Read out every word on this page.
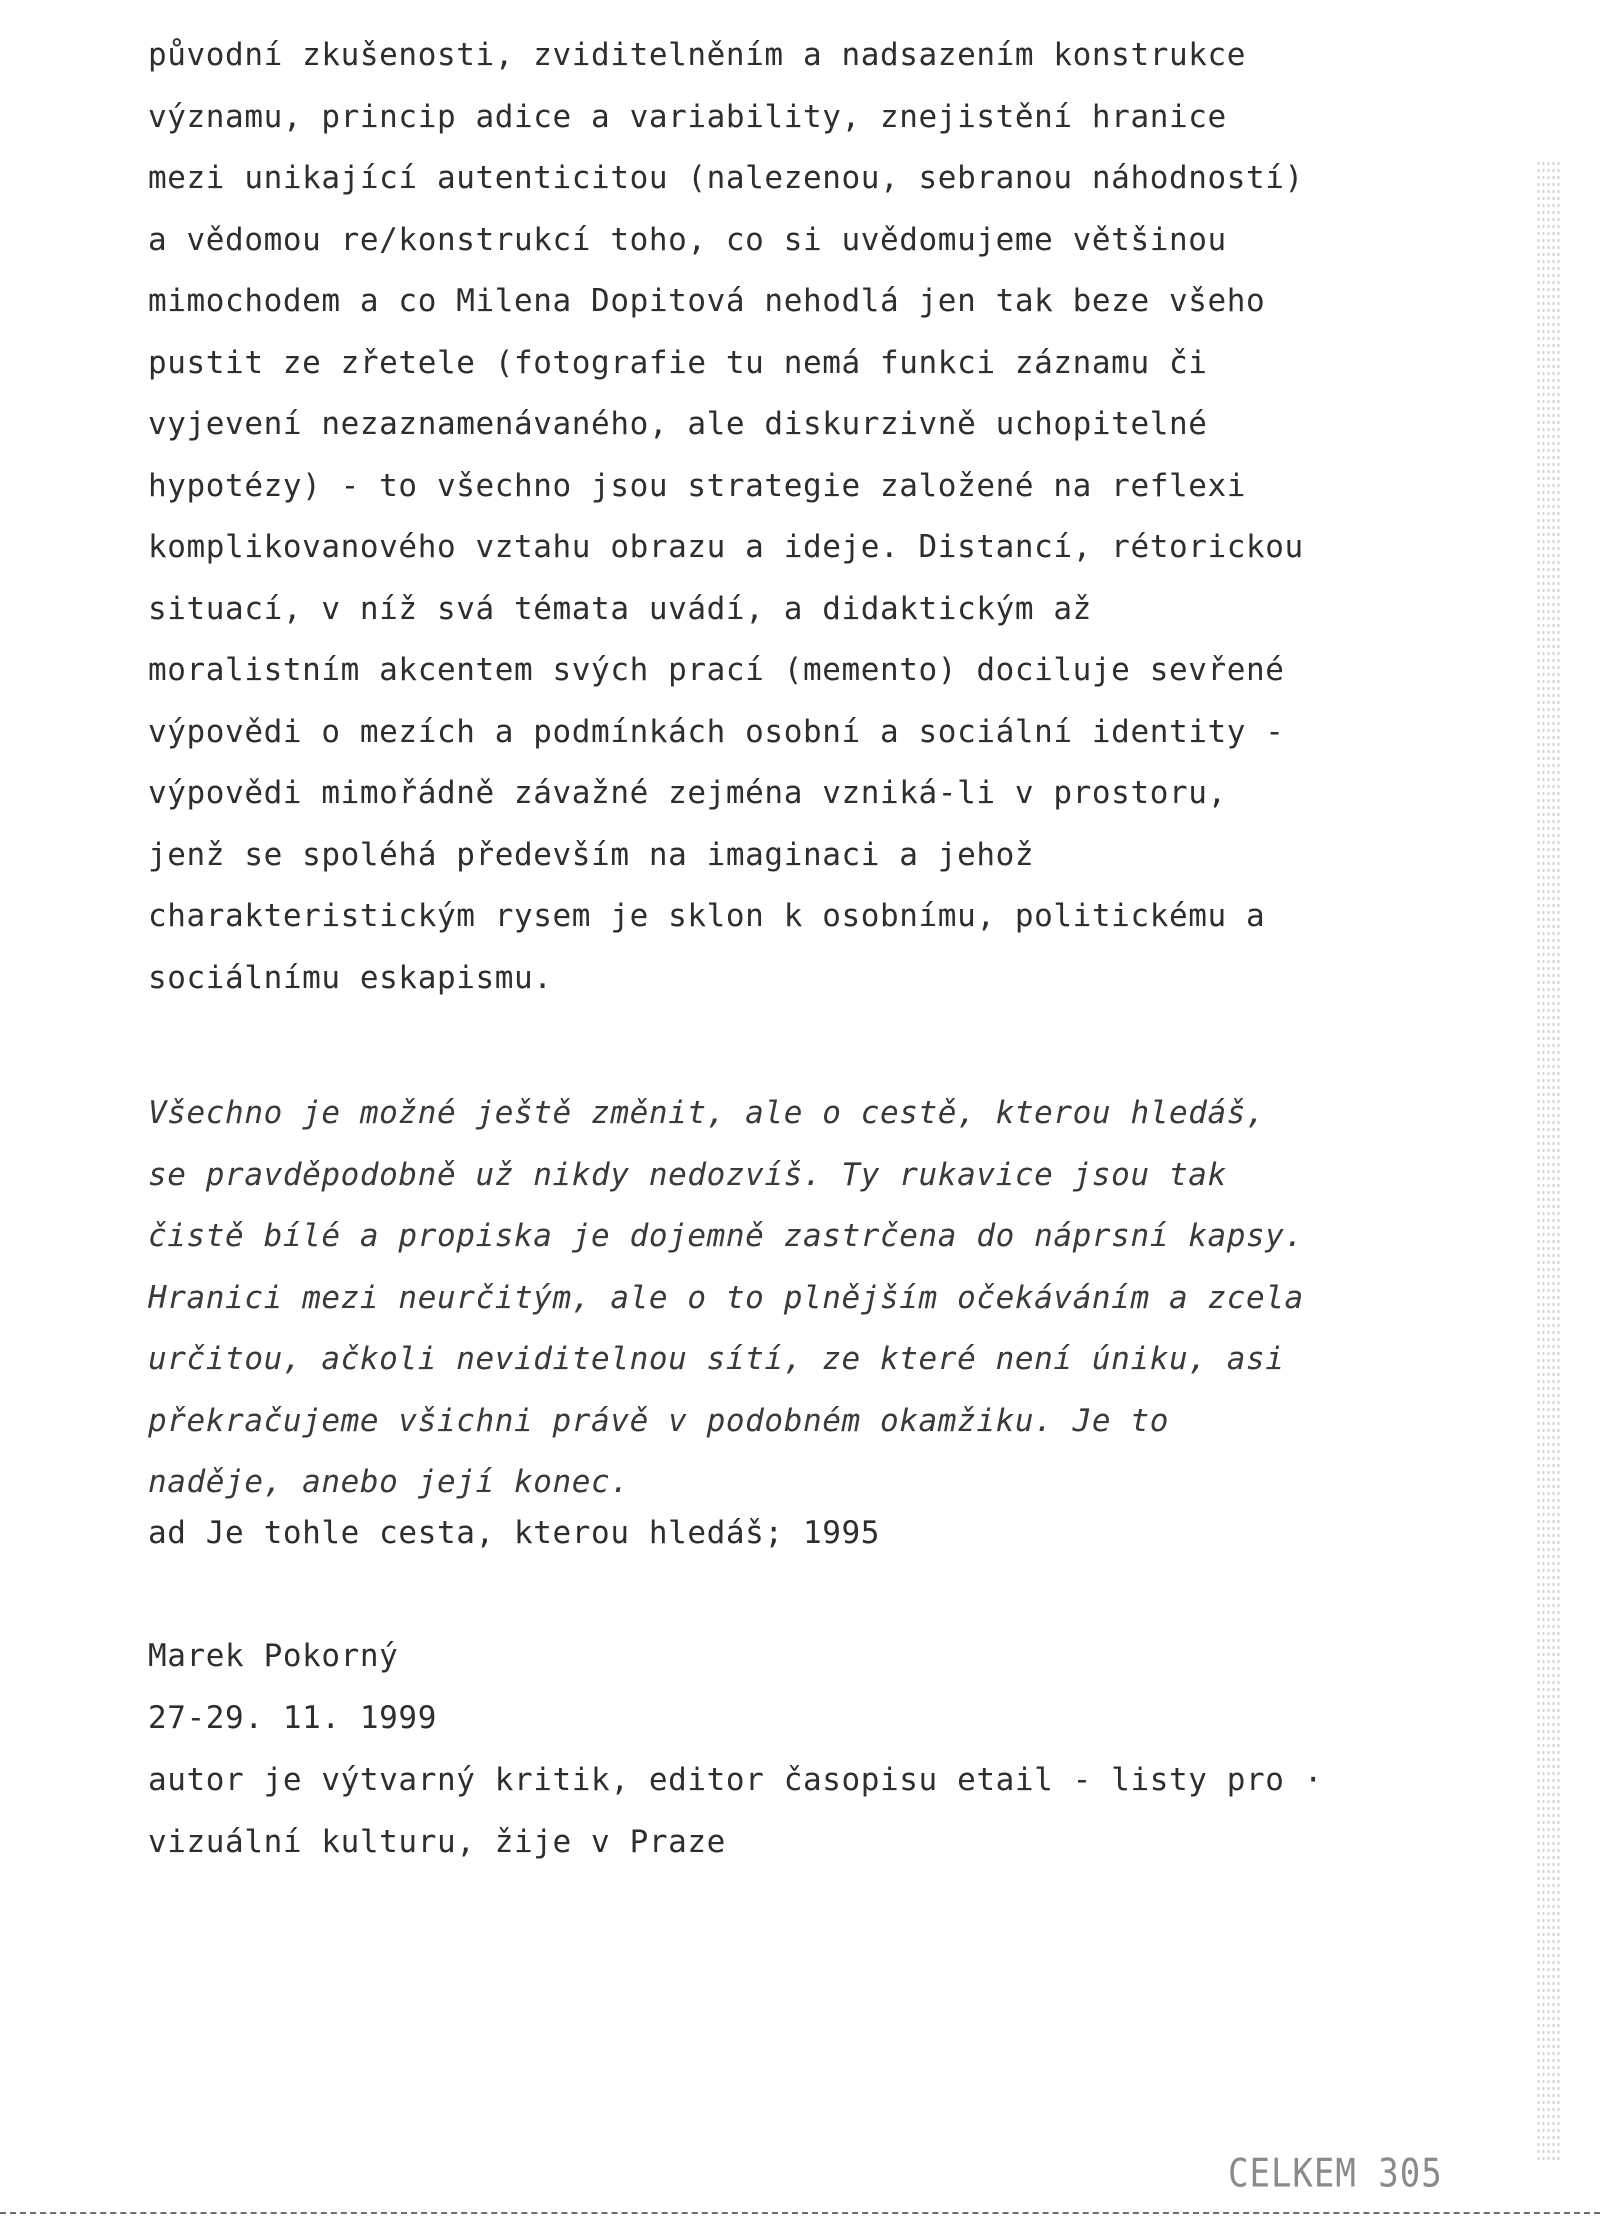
původní zkušenosti, zviditelněním a nadsazením konstrukce
významu, princip adice a variability, znejistění hranice
mezi unikající autenticitou (nalezenou, sebranou náhodností)
a vědomou re/konstrukcí toho, co si uvědomujeme většinou
mimochodem a co Milena Dopitová nehodlá jen tak beze všeho
pustit ze zřetele (fotografie tu nemá funkci záznamu či
vyjevení nezaznamenávaného, ale diskurzivně uchopitelné
hypotézy) - to všechno jsou strategie založené na reflexi
komplikovanového vztahu obrazu a ideje. Distancí, rétorickou
situací, v níž svá témata uvádí, a didaktickým až
moralistním akcentem svých prací (memento) dociluje sevřené
výpovědi o mezích a podmínkách osobní a sociální identity -
výpovědi mimořádně závažné zejména vzniká-li v prostoru,
jenž se spoléhá především na imaginaci a jehož
charakteristickým rysem je sklon k osobnímu, politickému a
sociálnímu eskapismu.
Všechno je možné ještě změnit, ale o cestě, kterou hledáš,
se pravděpodobně už nikdy nedozvíš. Ty rukavice jsou tak
čistě bílé a propiska je dojemně zastrčena do náprsní kapsy.
Hranici mezi neurčitým, ale o to plnějším očekáváním a zcela
určitou, ačkoli neviditelnou sítí, ze které není úniku, asi
překračujeme všichni právě v podobném okamžiku. Je to
naděje, anebo její konec.
ad Je tohle cesta, kterou hledáš; 1995
Marek Pokorný
27-29. 11. 1999
autor je výtvarný kritik, editor časopisu etail - listy pro ·
vizuální kulturu, žije v Praze
CELKEM 305
